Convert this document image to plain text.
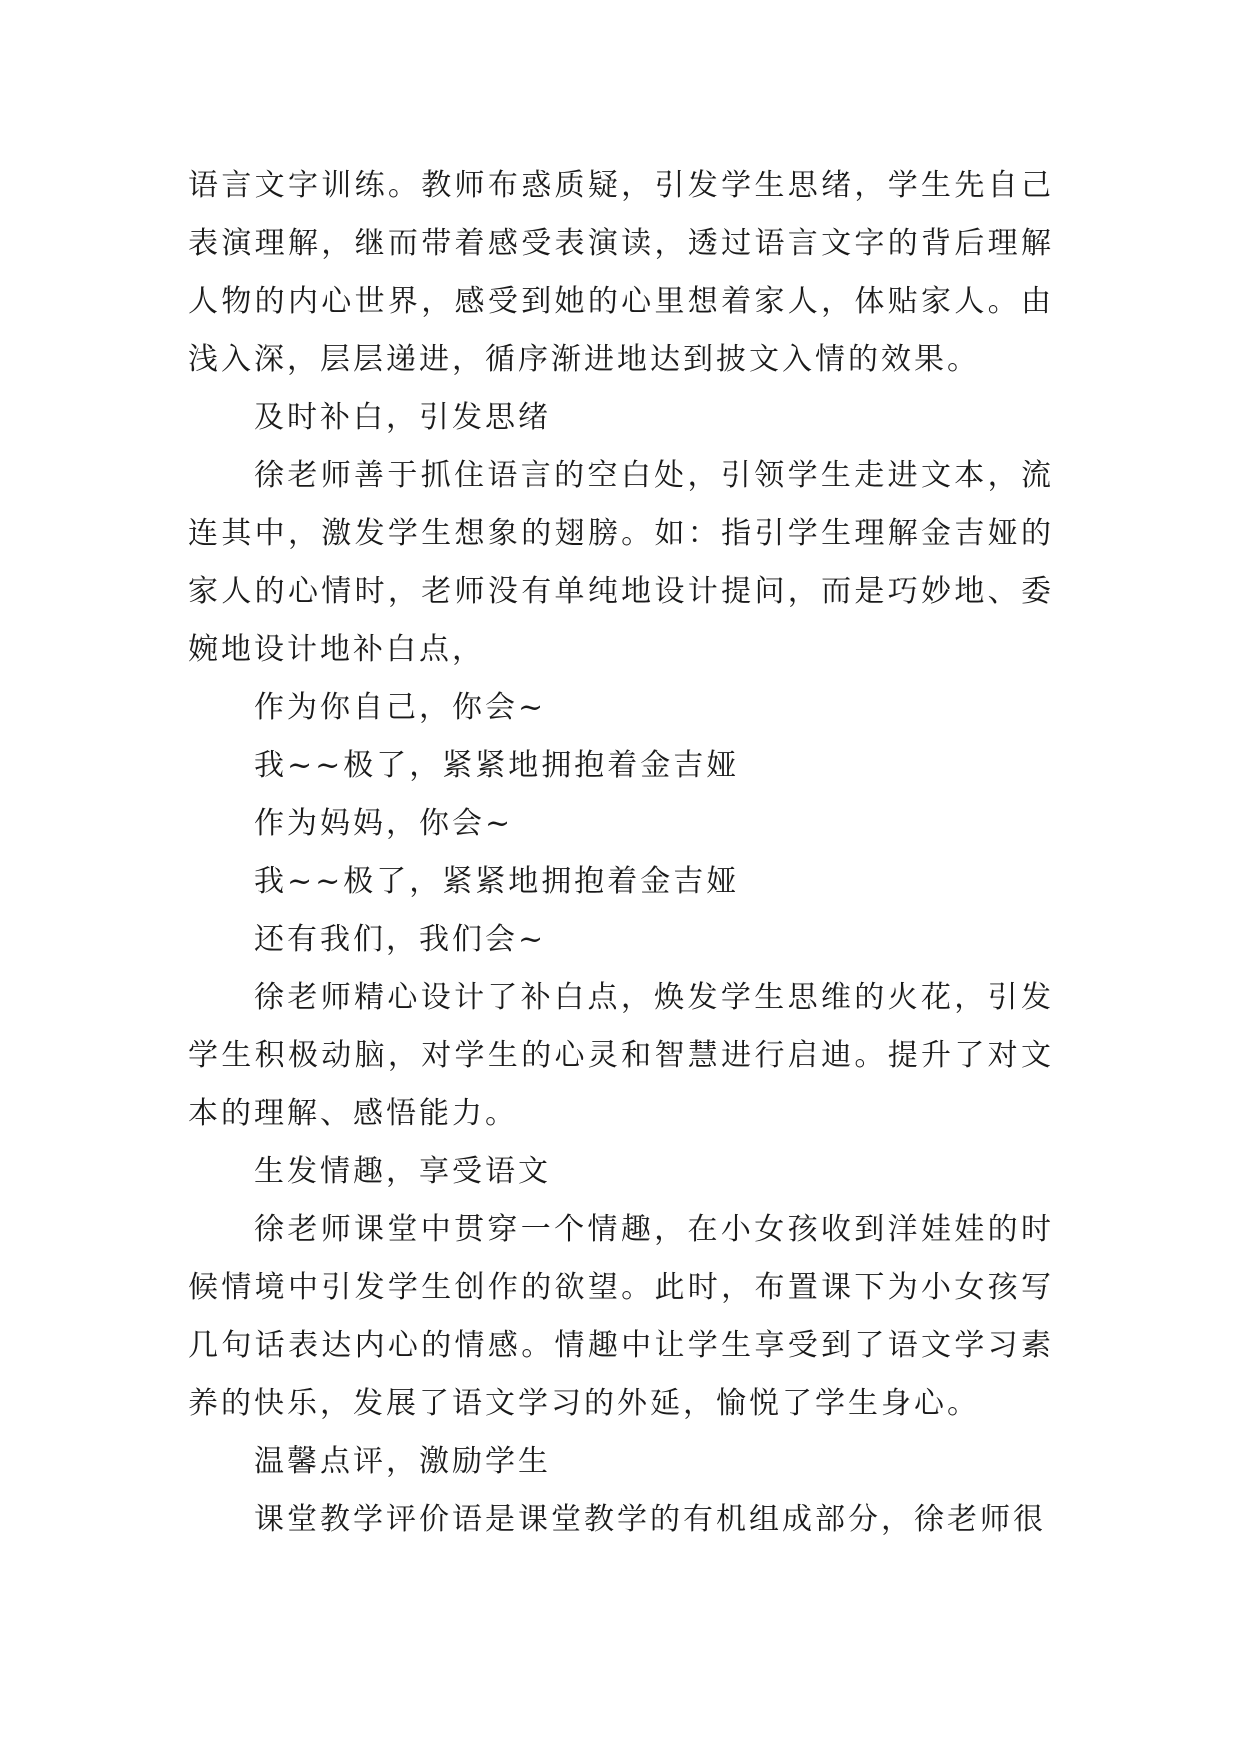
语言文字训练。教师布惑质疑，引发学生思绪，学生先自己表演理解，继而带着感受表演读，透过语言文字的背后理解人物的内心世界，感受到她的心里想着家人，体贴家人。由浅入深，层层递进，循序渐进地达到披文入情的效果。

及时补白，引发思绪

徐老师善于抓住语言的空白处，引领学生走进文本，流连其中，激发学生想象的翅膀。如：指引学生理解金吉娅的家人的心情时，老师没有单纯地设计提问，而是巧妙地、委婉地设计地补白点，

作为你自己，你会~

我~~极了，紧紧地拥抱着金吉娅

作为妈妈，你会~

我~~极了，紧紧地拥抱着金吉娅

还有我们，我们会~

徐老师精心设计了补白点，焕发学生思维的火花，引发学生积极动脑，对学生的心灵和智慧进行启迪。提升了对文本的理解、感悟能力。

生发情趣，享受语文

徐老师课堂中贯穿一个情趣，在小女孩收到洋娃娃的时候情境中引发学生创作的欲望。此时，布置课下为小女孩写几句话表达内心的情感。情趣中让学生享受到了语文学习素养的快乐，发展了语文学习的外延，愉悦了学生身心。

温馨点评，激励学生

课堂教学评价语是课堂教学的有机组成部分，徐老师很
